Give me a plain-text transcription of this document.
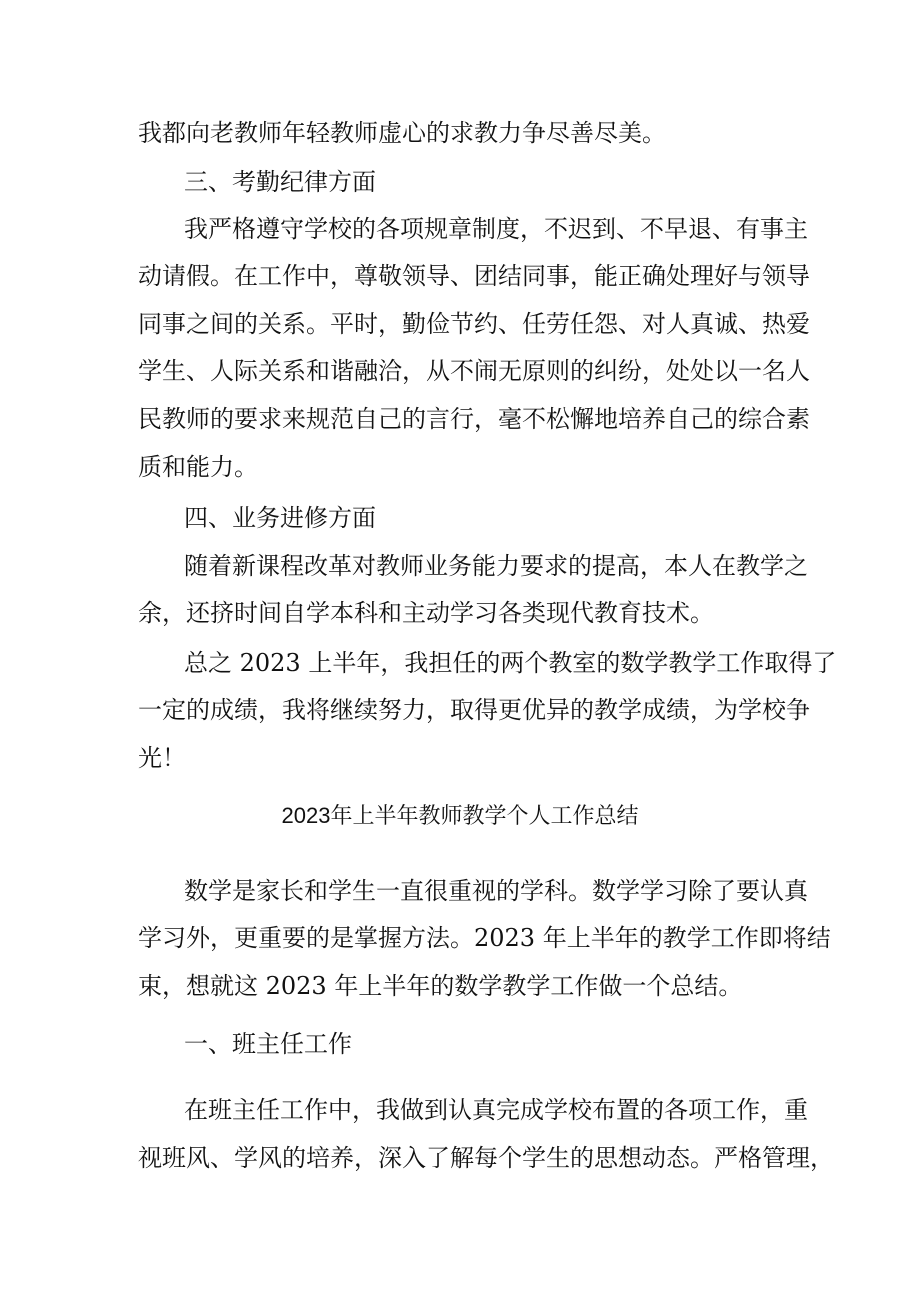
我都向老教师年轻教师虚心的求教力争尽善尽美。
三、考勤纪律方面
我严格遵守学校的各项规章制度，不迟到、不早退、有事主
动请假。在工作中，尊敬领导、团结同事，能正确处理好与领导
同事之间的关系。平时，勤俭节约、任劳任怨、对人真诚、热爱
学生、人际关系和谐融洽，从不闹无原则的纠纷，处处以一名人
民教师的要求来规范自己的言行，毫不松懈地培养自己的综合素
质和能力。
四、业务进修方面
随着新课程改革对教师业务能力要求的提高，本人在教学之
余，还挤时间自学本科和主动学习各类现代教育技术。
总之 2023 上半年，我担任的两个教室的数学教学工作取得了
一定的成绩，我将继续努力，取得更优异的教学成绩，为学校争
光！
2023年上半年教师教学个人工作总结
数学是家长和学生一直很重视的学科。数学学习除了要认真
学习外，更重要的是掌握方法。2023 年上半年的教学工作即将结
束，想就这 2023 年上半年的数学教学工作做一个总结。
一、班主任工作
在班主任工作中，我做到认真完成学校布置的各项工作，重
视班风、学风的培养，深入了解每个学生的思想动态。严格管理，
